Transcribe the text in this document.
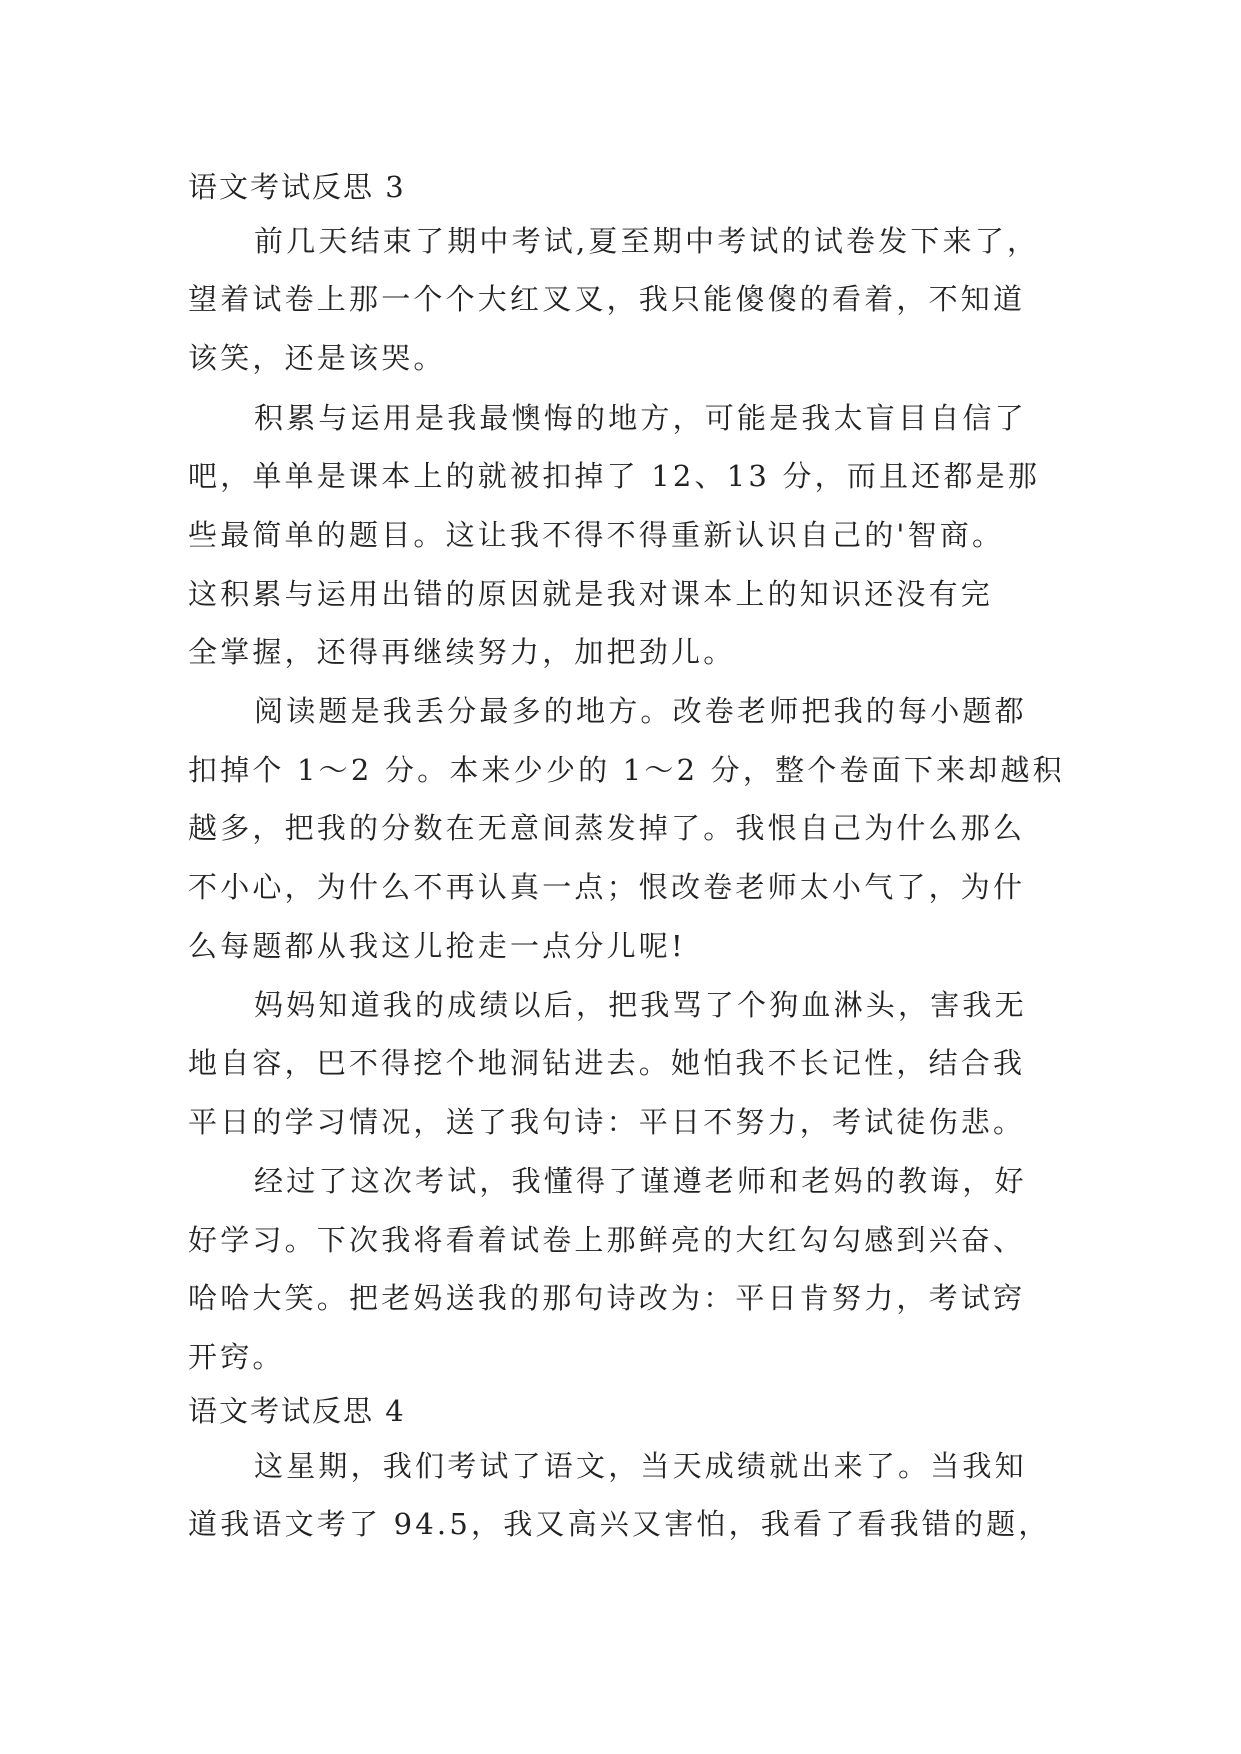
语文考试反思 3
前几天结束了期中考试,夏至期中考试的试卷发下来了，
望着试卷上那一个个大红叉叉，我只能傻傻的看着，不知道
该笑，还是该哭。
积累与运用是我最懊悔的地方，可能是我太盲目自信了
吧，单单是课本上的就被扣掉了 12、13 分，而且还都是那
些最简单的题目。这让我不得不得重新认识自己的'智商。
这积累与运用出错的原因就是我对课本上的知识还没有完
全掌握，还得再继续努力，加把劲儿。
阅读题是我丢分最多的地方。改卷老师把我的每小题都
扣掉个 1～2 分。本来少少的 1～2 分，整个卷面下来却越积
越多，把我的分数在无意间蒸发掉了。我恨自己为什么那么
不小心，为什么不再认真一点；恨改卷老师太小气了，为什
么每题都从我这儿抢走一点分儿呢!
妈妈知道我的成绩以后，把我骂了个狗血淋头，害我无
地自容，巴不得挖个地洞钻进去。她怕我不长记性，结合我
平日的学习情况，送了我句诗：平日不努力，考试徒伤悲。
经过了这次考试，我懂得了谨遵老师和老妈的教诲，好
好学习。下次我将看着试卷上那鲜亮的大红勾勾感到兴奋、
哈哈大笑。把老妈送我的那句诗改为：平日肯努力，考试窍
开窍。
语文考试反思 4
这星期，我们考试了语文，当天成绩就出来了。当我知
道我语文考了 94.5，我又高兴又害怕，我看了看我错的题，
